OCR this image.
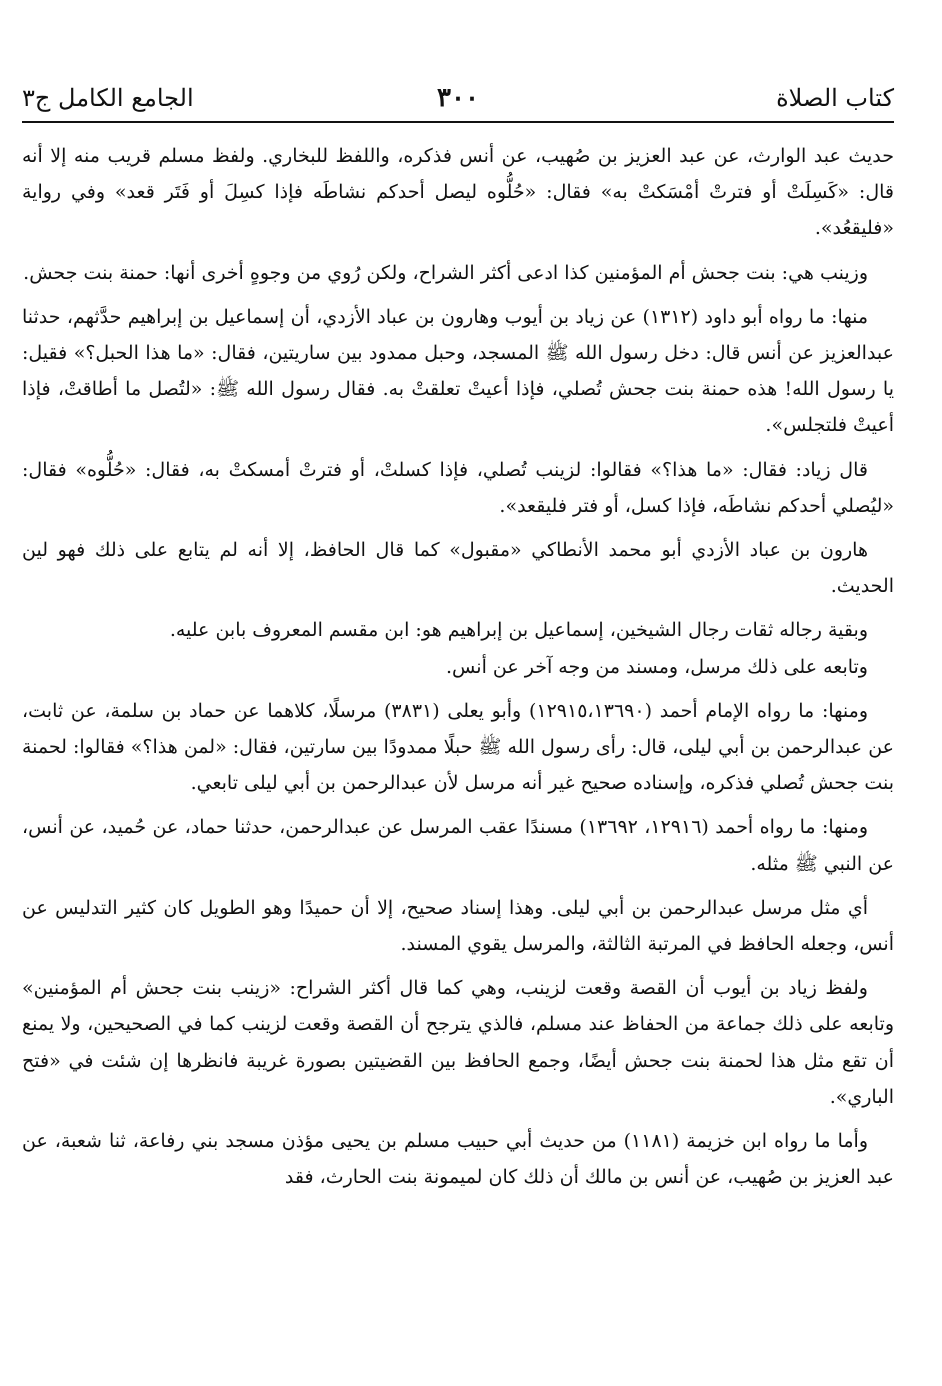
كتاب الصلاة
٣٠٠
الجامع الكامل ج٣

حديث عبد الوارث، عن عبد العزيز بن صُهيب، عن أنس فذكره، واللفظ للبخاري. ولفظ مسلم قريب منه إلا أنه قال: «كَسِلَتْ أو فترتْ أمْسَكتْ به» فقال: «حُلُّوه ليصل أحدكم نشاطَه فإذا كسِلَ أو فَتَر قعد» وفي رواية «فليقعُد».

وزينب هي: بنت جحش أم المؤمنين كذا ادعى أكثر الشراح، ولكن رُوي من وجوهٍ أخرى أنها: حمنة بنت جحش.

منها: ما رواه أبو داود (١٣١٢) عن زياد بن أيوب وهارون بن عباد الأزدي، أن إسماعيل بن إبراهيم حدَّثهم، حدثنا عبدالعزيز عن أنس قال: دخل رسول الله ﷺ المسجد، وحبل ممدود بين ساريتين، فقال: «ما هذا الحبل؟» فقيل: يا رسول الله! هذه حمنة بنت جحش تُصلي، فإذا أعيتْ تعلقتْ به. فقال رسول الله ﷺ: «لتُصل ما أطاقتْ، فإذا أعيتْ فلتجلس».

قال زياد: فقال: «ما هذا؟» فقالوا: لزينب تُصلي، فإذا كسلتْ، أو فترتْ أمسكتْ به، فقال: «حُلُّوه» فقال: «ليُصلي أحدكم نشاطَه، فإذا كسل، أو فتر فليقعد».

هارون بن عباد الأزدي أبو محمد الأنطاكي «مقبول» كما قال الحافظ، إلا أنه لم يتابع على ذلك فهو لين الحديث.

وبقية رجاله ثقات رجال الشيخين، إسماعيل بن إبراهيم هو: ابن مقسم المعروف بابن عليه.

وتابعه على ذلك مرسل، ومسند من وجه آخر عن أنس.

ومنها: ما رواه الإمام أحمد (١٢٩١٥،١٣٦٩٠) وأبو يعلى (٣٨٣١) مرسلًا، كلاهما عن حماد بن سلمة، عن ثابت، عن عبدالرحمن بن أبي ليلى، قال: رأى رسول الله ﷺ حبلًا ممدودًا بين سارتين، فقال: «لمن هذا؟» فقالوا: لحمنة بنت جحش تُصلي فذكره، وإسناده صحيح غير أنه مرسل لأن عبدالرحمن بن أبي ليلى تابعي.

ومنها: ما رواه أحمد (١٢٩١٦، ١٣٦٩٢) مسندًا عقب المرسل عن عبدالرحمن، حدثنا حماد، عن حُميد، عن أنس، عن النبي ﷺ مثله.

أي مثل مرسل عبدالرحمن بن أبي ليلى. وهذا إسناد صحيح، إلا أن حميدًا وهو الطويل كان كثير التدليس عن أنس، وجعله الحافظ في المرتبة الثالثة، والمرسل يقوي المسند.

ولفظ زياد بن أيوب أن القصة وقعت لزينب، وهي كما قال أكثر الشراح: «زينب بنت جحش أم المؤمنين» وتابعه على ذلك جماعة من الحفاظ عند مسلم، فالذي يترجح أن القصة وقعت لزينب كما في الصحيحين، ولا يمنع أن تقع مثل هذا لحمنة بنت جحش أيضًا، وجمع الحافظ بين القضيتين بصورة غريبة فانظرها إن شئت في «فتح الباري».

وأما ما رواه ابن خزيمة (١١٨١) من حديث أبي حبيب مسلم بن يحيى مؤذن مسجد بني رفاعة، ثنا شعبة، عن عبد العزيز بن صُهيب، عن أنس بن مالك أن ذلك كان لميمونة بنت الحارث، فقد
